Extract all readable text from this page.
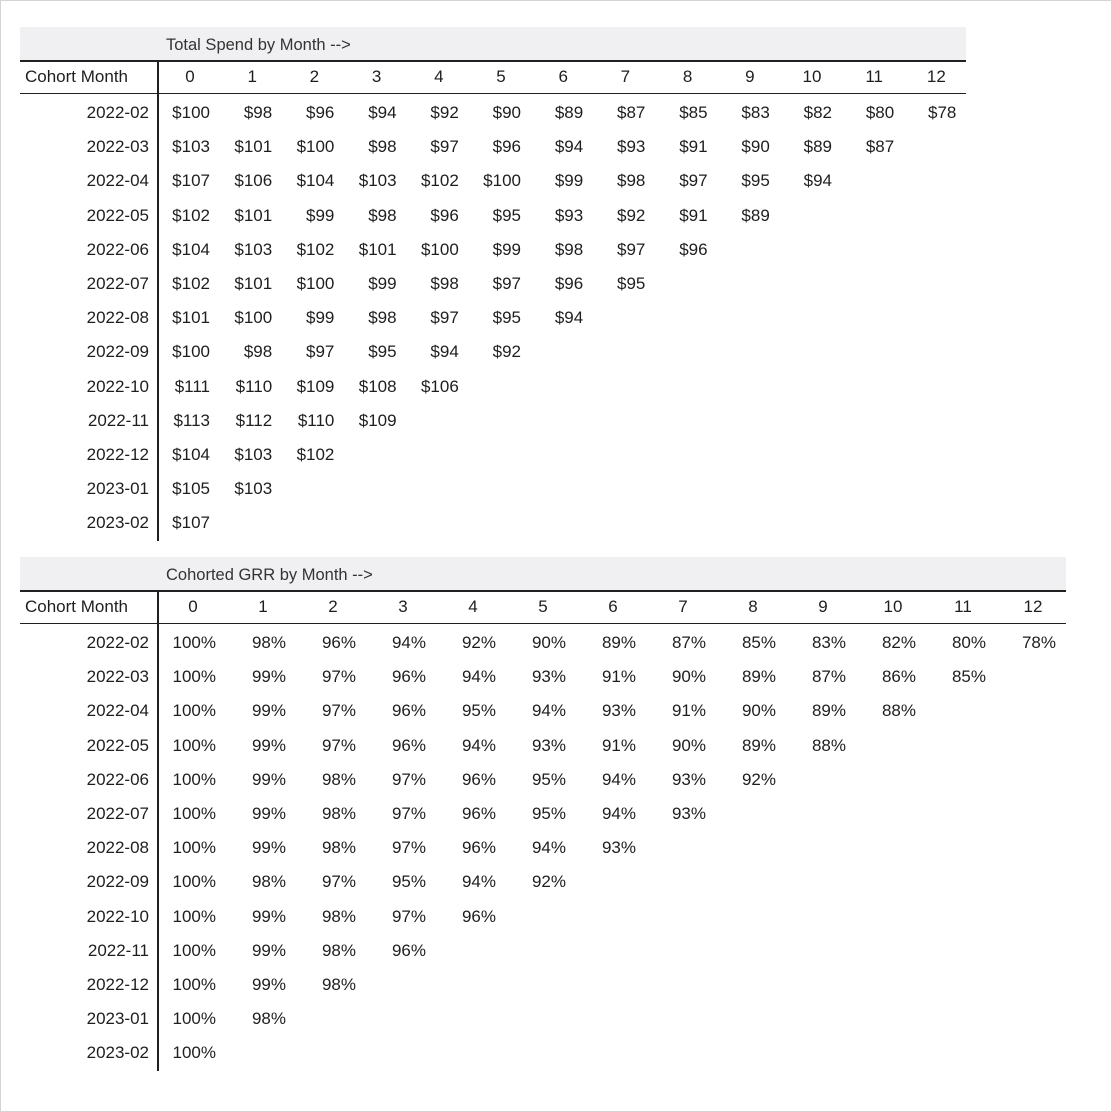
Total Spend by Month -->
Cohort Month	0	1	2	3	4	5	6	7	8	9	10	11	12
2022-02	$100	$98	$96	$94	$92	$90	$89	$87	$85	$83	$82	$80	$78
2022-03	$103	$101	$100	$98	$97	$96	$94	$93	$91	$90	$89	$87
2022-04	$107	$106	$104	$103	$102	$100	$99	$98	$97	$95	$94
2022-05	$102	$101	$99	$98	$96	$95	$93	$92	$91	$89
2022-06	$104	$103	$102	$101	$100	$99	$98	$97	$96
2022-07	$102	$101	$100	$99	$98	$97	$96	$95
2022-08	$101	$100	$99	$98	$97	$95	$94
2022-09	$100	$98	$97	$95	$94	$92
2022-10	$111	$110	$109	$108	$106
2022-11	$113	$112	$110	$109
2022-12	$104	$103	$102
2023-01	$105	$103
2023-02	$107
Cohorted GRR by Month -->
Cohort Month	0	1	2	3	4	5	6	7	8	9	10	11	12
2022-02	100%	98%	96%	94%	92%	90%	89%	87%	85%	83%	82%	80%	78%
2022-03	100%	99%	97%	96%	94%	93%	91%	90%	89%	87%	86%	85%
2022-04	100%	99%	97%	96%	95%	94%	93%	91%	90%	89%	88%
2022-05	100%	99%	97%	96%	94%	93%	91%	90%	89%	88%
2022-06	100%	99%	98%	97%	96%	95%	94%	93%	92%
2022-07	100%	99%	98%	97%	96%	95%	94%	93%
2022-08	100%	99%	98%	97%	96%	94%	93%
2022-09	100%	98%	97%	95%	94%	92%
2022-10	100%	99%	98%	97%	96%
2022-11	100%	99%	98%	96%
2022-12	100%	99%	98%
2023-01	100%	98%
2023-02	100%
